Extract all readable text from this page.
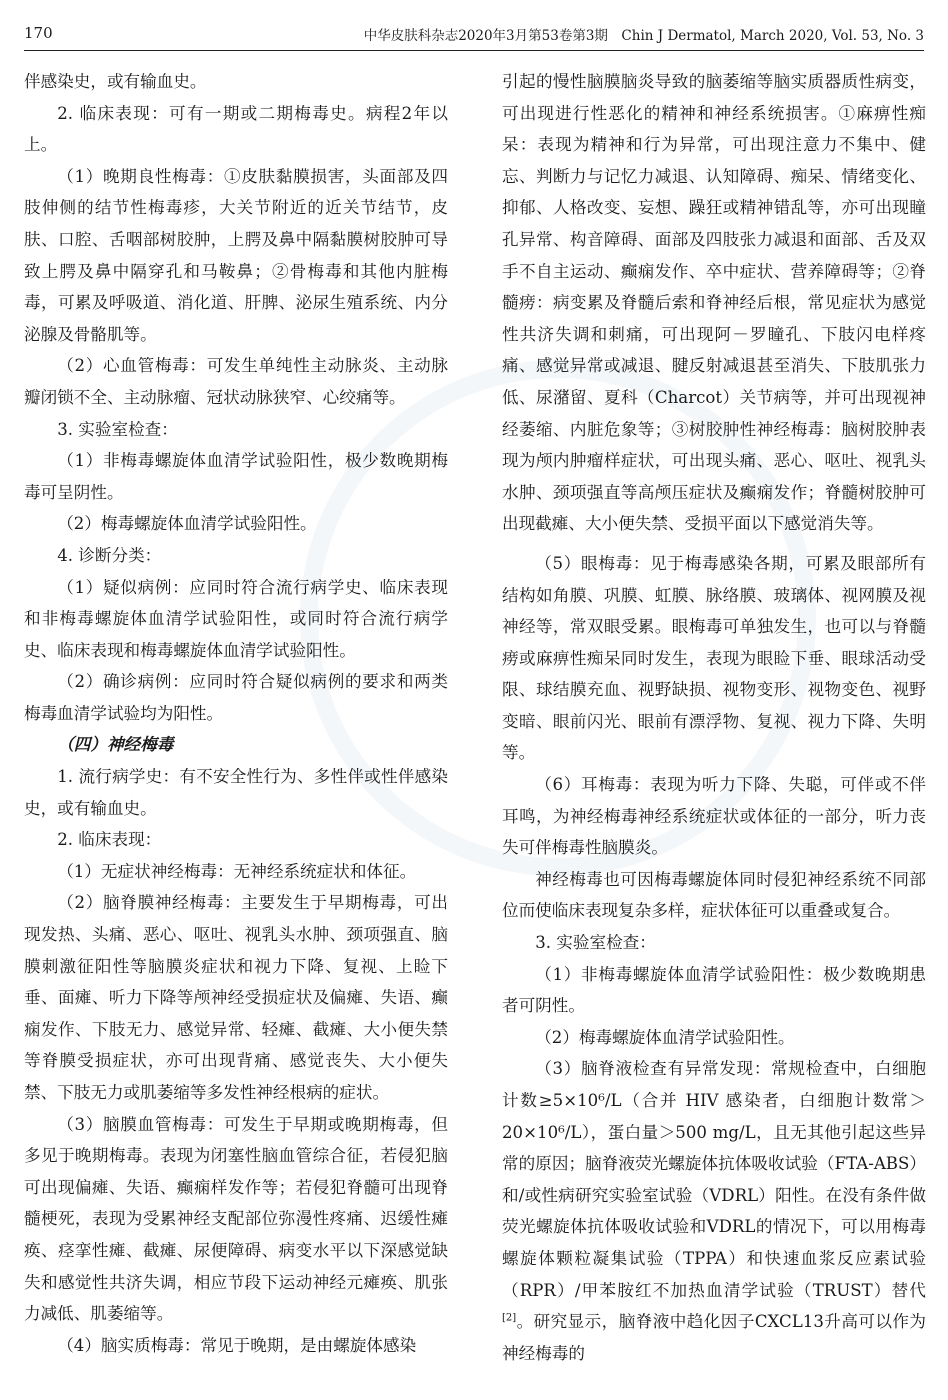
170	中华皮肤科杂志2020年3月第53卷第3期　Chin J Dermatol, March 2020, Vol. 53, No. 3

伴感染史，或有输血史。

2. 临床表现：可有一期或二期梅毒史。病程2年以上。

（1）晚期良性梅毒：①皮肤黏膜损害，头面部及四肢伸侧的结节性梅毒疹，大关节附近的近关节结节，皮肤、口腔、舌咽部树胶肿，上腭及鼻中隔黏膜树胶肿可导致上腭及鼻中隔穿孔和马鞍鼻；②骨梅毒和其他内脏梅毒，可累及呼吸道、消化道、肝脾、泌尿生殖系统、内分泌腺及骨骼肌等。

（2）心血管梅毒：可发生单纯性主动脉炎、主动脉瓣闭锁不全、主动脉瘤、冠状动脉狭窄、心绞痛等。

3. 实验室检查：

（1）非梅毒螺旋体血清学试验阳性，极少数晚期梅毒可呈阴性。

（2）梅毒螺旋体血清学试验阳性。

4. 诊断分类：

（1）疑似病例：应同时符合流行病学史、临床表现和非梅毒螺旋体血清学试验阳性，或同时符合流行病学史、临床表现和梅毒螺旋体血清学试验阳性。

（2）确诊病例：应同时符合疑似病例的要求和两类梅毒血清学试验均为阳性。

（四）神经梅毒

1. 流行病学史：有不安全性行为、多性伴或性伴感染史，或有输血史。

2. 临床表现：

（1）无症状神经梅毒：无神经系统症状和体征。

（2）脑脊膜神经梅毒：主要发生于早期梅毒，可出现发热、头痛、恶心、呕吐、视乳头水肿、颈项强直、脑膜刺激征阳性等脑膜炎症状和视力下降、复视、上睑下垂、面瘫、听力下降等颅神经受损症状及偏瘫、失语、癫痫发作、下肢无力、感觉异常、轻瘫、截瘫、大小便失禁等脊膜受损症状，亦可出现背痛、感觉丧失、大小便失禁、下肢无力或肌萎缩等多发性神经根病的症状。

（3）脑膜血管梅毒：可发生于早期或晚期梅毒，但多见于晚期梅毒。表现为闭塞性脑血管综合征，若侵犯脑可出现偏瘫、失语、癫痫样发作等；若侵犯脊髓可出现脊髓梗死，表现为受累神经支配部位弥漫性疼痛、迟缓性瘫痪、痉挛性瘫、截瘫、尿便障碍、病变水平以下深感觉缺失和感觉性共济失调，相应节段下运动神经元瘫痪、肌张力减低、肌萎缩等。

（4）脑实质梅毒：常见于晚期，是由螺旋体感染

引起的慢性脑膜脑炎导致的脑萎缩等脑实质器质性病变，可出现进行性恶化的精神和神经系统损害。①麻痹性痴呆：表现为精神和行为异常，可出现注意力不集中、健忘、判断力与记忆力减退、认知障碍、痴呆、情绪变化、抑郁、人格改变、妄想、躁狂或精神错乱等，亦可出现瞳孔异常、构音障碍、面部及四肢张力减退和面部、舌及双手不自主运动、癫痫发作、卒中症状、营养障碍等；②脊髓痨：病变累及脊髓后索和脊神经后根，常见症状为感觉性共济失调和刺痛，可出现阿－罗瞳孔、下肢闪电样疼痛、感觉异常或减退、腱反射减退甚至消失、下肢肌张力低、尿潴留、夏科（Charcot）关节病等，并可出现视神经萎缩、内脏危象等；③树胶肿性神经梅毒：脑树胶肿表现为颅内肿瘤样症状，可出现头痛、恶心、呕吐、视乳头水肿、颈项强直等高颅压症状及癫痫发作；脊髓树胶肿可出现截瘫、大小便失禁、受损平面以下感觉消失等。

（5）眼梅毒：见于梅毒感染各期，可累及眼部所有结构如角膜、巩膜、虹膜、脉络膜、玻璃体、视网膜及视神经等，常双眼受累。眼梅毒可单独发生，也可以与脊髓痨或麻痹性痴呆同时发生，表现为眼睑下垂、眼球活动受限、球结膜充血、视野缺损、视物变形、视物变色、视野变暗、眼前闪光、眼前有漂浮物、复视、视力下降、失明等。

（6）耳梅毒：表现为听力下降、失聪，可伴或不伴耳鸣，为神经梅毒神经系统症状或体征的一部分，听力丧失可伴梅毒性脑膜炎。

神经梅毒也可因梅毒螺旋体同时侵犯神经系统不同部位而使临床表现复杂多样，症状体征可以重叠或复合。

3. 实验室检查：

（1）非梅毒螺旋体血清学试验阳性：极少数晚期患者可阴性。

（2）梅毒螺旋体血清学试验阳性。

（3）脑脊液检查有异常发现：常规检查中，白细胞计数≥5×10⁶/L（合并 HIV 感染者，白细胞计数常＞20×10⁶/L），蛋白量＞500 mg/L，且无其他引起这些异常的原因；脑脊液荧光螺旋体抗体吸收试验（FTA-ABS）和/或性病研究实验室试验（VDRL）阳性。在没有条件做荧光螺旋体抗体吸收试验和VDRL的情况下，可以用梅毒螺旋体颗粒凝集试验（TPPA）和快速血浆反应素试验（RPR）/甲苯胺红不加热血清学试验（TRUST）替代[2]。研究显示，脑脊液中趋化因子CXCL13升高可以作为神经梅毒的
